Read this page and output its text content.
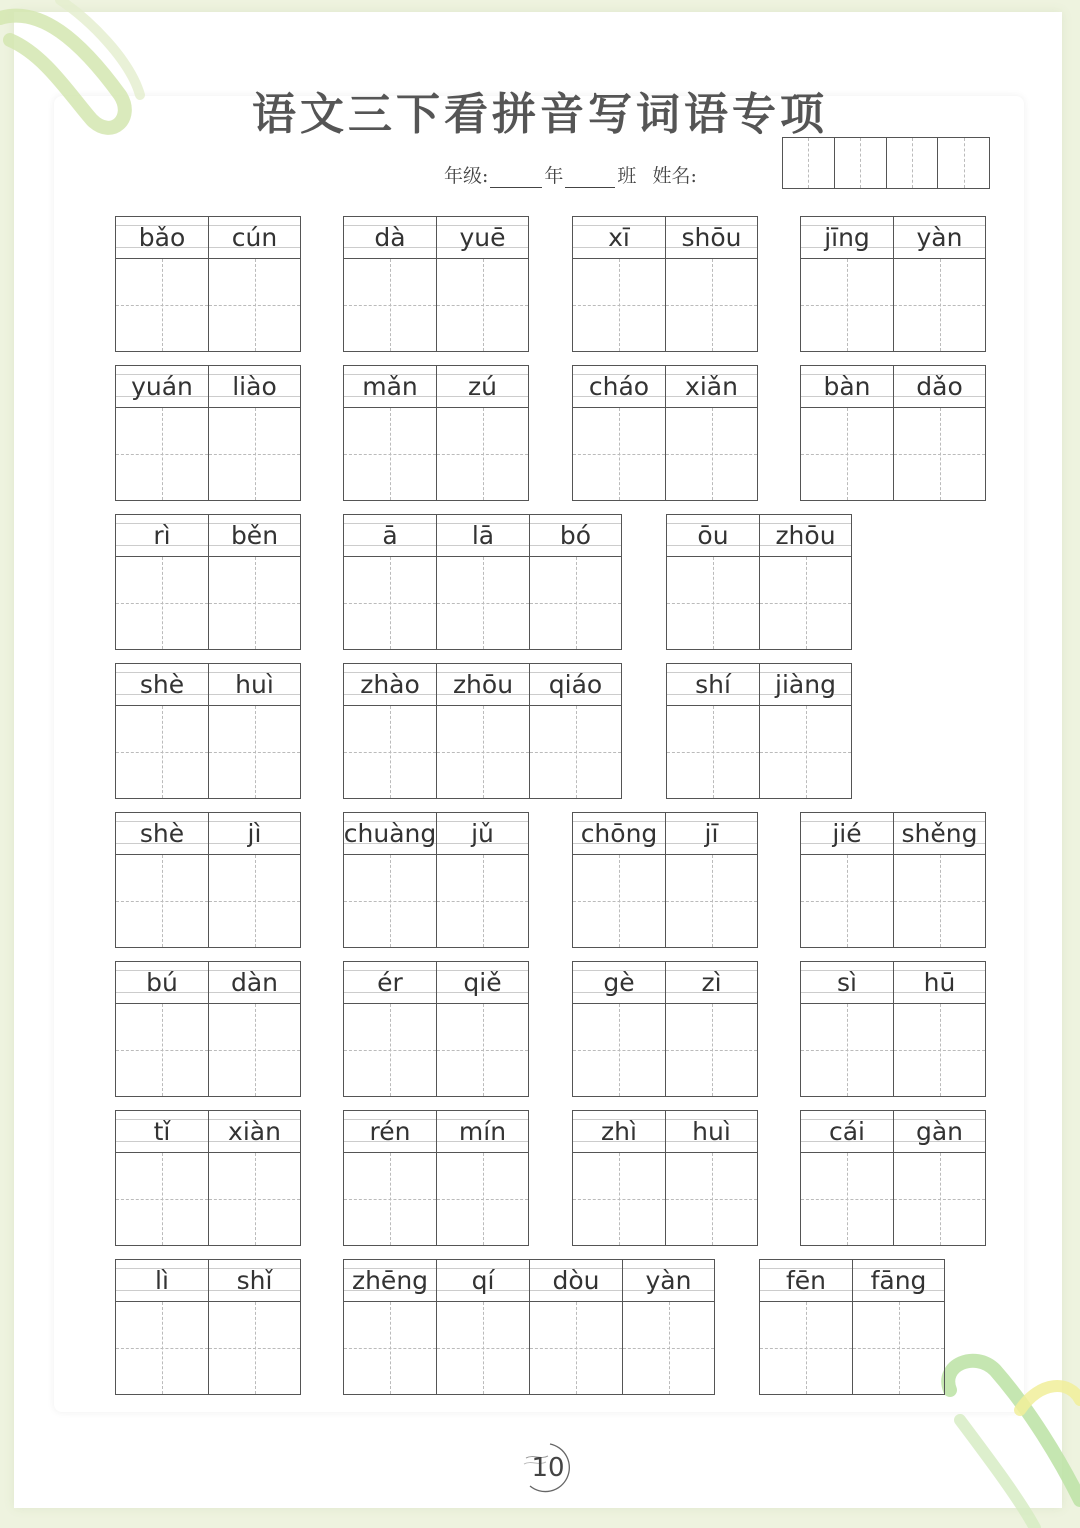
语文三下看拼音写词语专项
年级:	年	班 姓名:
bǎo	cún	dà	yuē	xī	shōu	jīng	yàn
yuán	liào	mǎn	zú	cháo	xiǎn	bàn	dǎo
rì	běn	ā	lā	bó	ōu	zhōu
shè	huì	zhào	zhōu	qiáo	shí	jiàng
shè	jì	chuàng	jǔ	chōng	jī	jié	shěng
bú	dàn	ér	qiě	gè	zì	sì	hū
tǐ	xiàn	rén	mín	zhì	huì	cái	gàn
lì	shǐ	zhēng	qí	dòu	yàn	fēn	fāng
10
